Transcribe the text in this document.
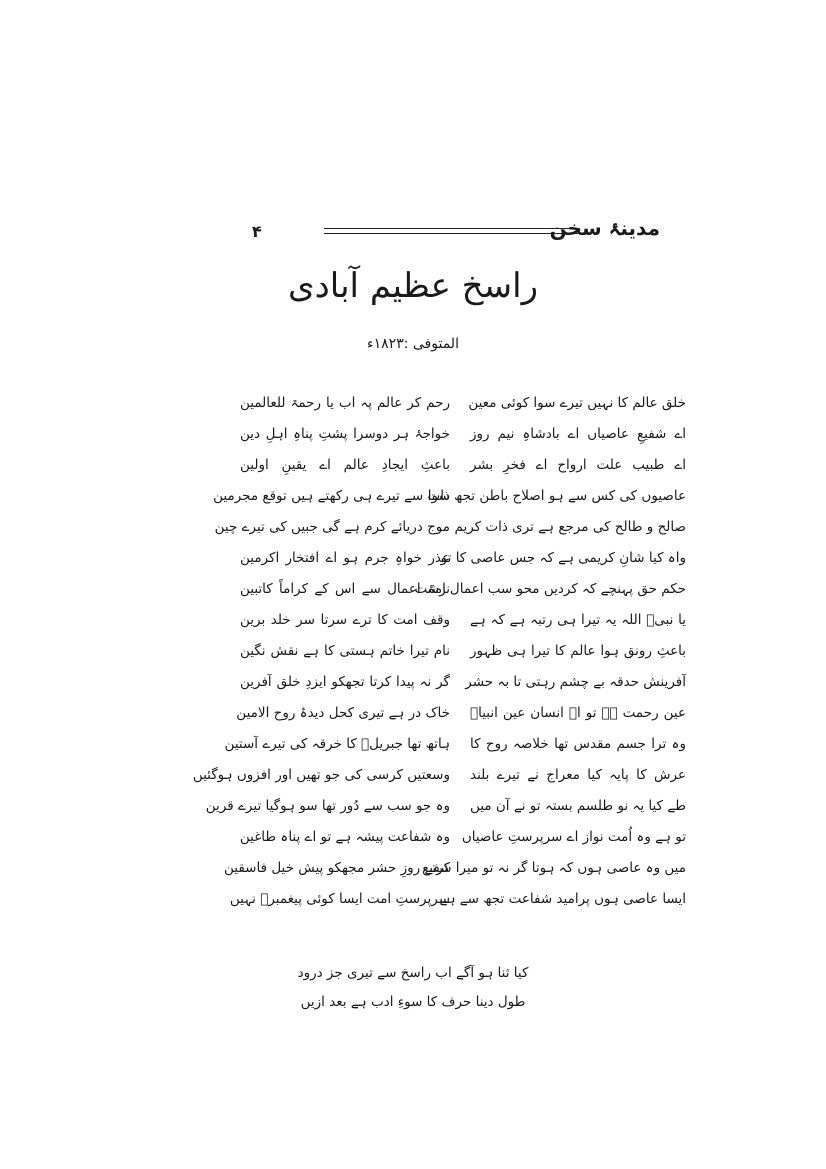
۴	مدینۂ سخن
راسخ عظیم آبادی
المتوفی :۱۸۲۳ء
خلق عالم کا نہیں تیرے سوا کوئی معین
اے شفیعِ عاصیاں اے بادشاہِ نیم روز
اے طبیب علت ارواح اے فخرِ بشر
عاصیوں کی کس سے ہو اصلاح باطن تجھ سوا
صالح و طالح کی مرجع ہے تری ذات کریم
واہ کیا شانِ کریمی ہے کہ جس عاصی کا تو
حکم حق پہنچے کہ کردیں محو سب اعمال زشت
یا نبیؐ اللہ یہ تیرا ہی رتبہ ہے کہ ہے
باعثِ رونق ہوا عالم کا تیرا ہی ظہور
آفرینش حدقہ بے چشم رہتی تا بہ حشر
عین رحمت ہے تو اے انسان عین انبیاؑ
وہ ترا جسم مقدس تھا خلاصہ روح کا
عرش کا پایہ کیا معراج نے تیرے بلند
طے کیا یہ نو طلسم بستہ تو نے آن میں
تو ہے وہ اُمت نواز اے سرپرستِ عاصیاں
میں وہ عاصی ہوں کہ ہوتا گر نہ تو میرا شفیع
ایسا عاصی ہوں پرامید شفاعت تجھ سے ہے
رحم کر عالم پہ اب یا رحمۃ للعالمین
خواجۂ ہر دوسرا پشتِ پناہِ اہلِ دین
باعثِ ایجادِ عالم اے یقینِ اولین
ذات سے تیرے ہی رکھتے ہیں توقع مجرمین
موج دریائے کرم ہے گی جبیں کی تیرے چین
عذر خواہِ جرم ہو اے افتخار اکرمین
نامۂ اعمال سے اس کے کراماً کاتبین
وقف امت کا ترے سرتا سر خلد برین
نام تیرا خاتم ہستی کا ہے نقش نگین
گر نہ پیدا کرتا تجھکو ایزدِ خلق آفرین
خاک در ہے تیری کحل دیدۂ روح الامین
ہاتھ تھا جبریلؑ کا خرقہ کی تیرے آستین
وسعتیں کرسی کی جو تھیں اور افزوں ہوگئیں
وہ جو سب سے دُور تھا سو ہوگیا تیرے قرین
وہ شفاعت پیشہ ہے تو اے پناہ طاغین
کرتے روزِ حشر مجھکو پیش خیل فاسقین
سرپرستِ امت ایسا کوئی پیغمبرؐ نہیں
کیا ثنا ہو آگے اب راسخ سے تیری جز درود
طول دینا حرف کا سوءِ ادب ہے بعد ازیں
